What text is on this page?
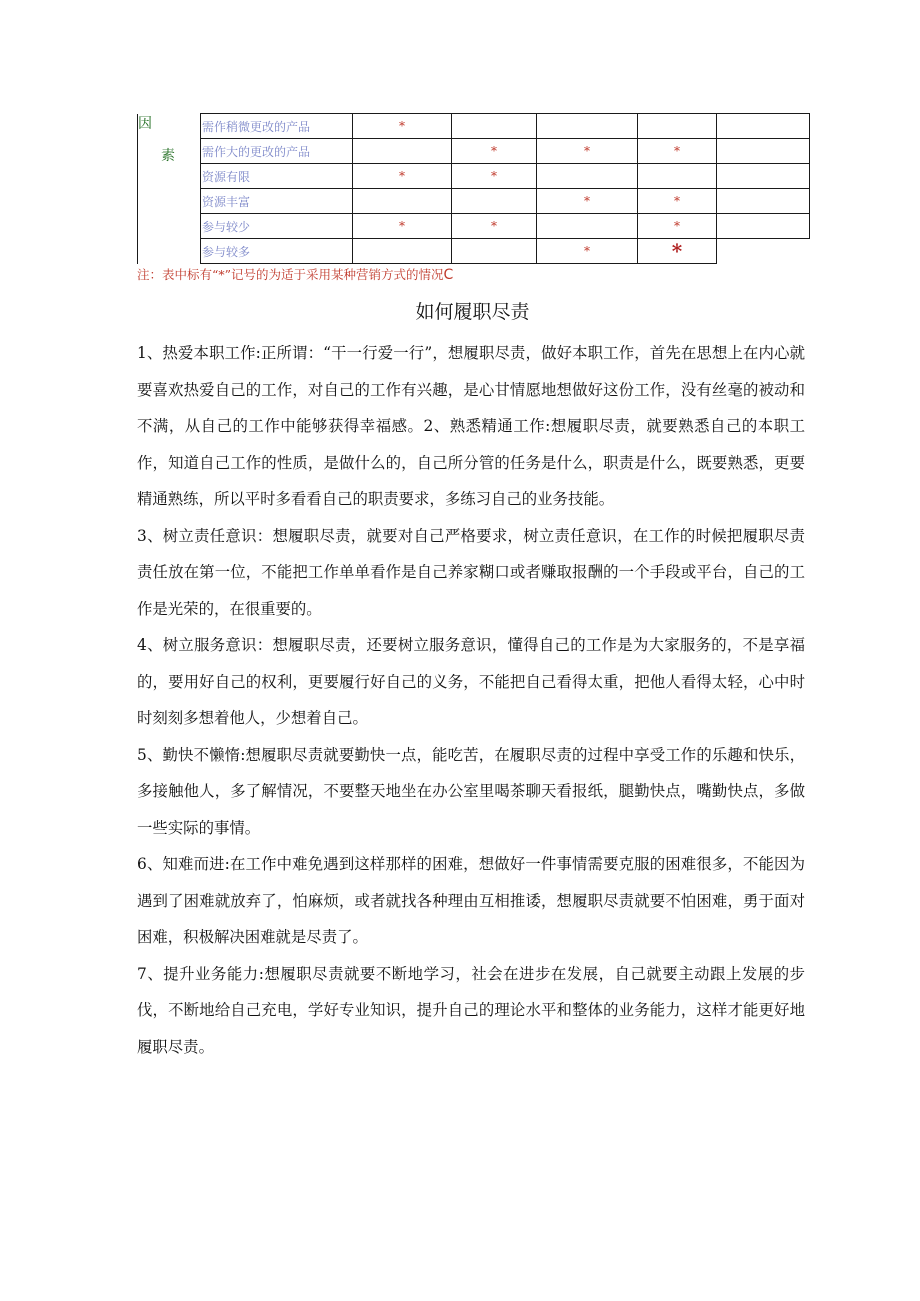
因
素	需作稍微更改的产品	*				
	需作大的更改的产品		*	*	*	
	资源有限	*	*			
	资源丰富			*	*	
	参与较少	*	*		*	
	参与较多			*	*	
注：表中标有“*”记号的为适于采用某种营销方式的情况C
如何履职尽责

1、热爱本职工作:正所谓：“干一行爱一行”，想履职尽责，做好本职工作，首先在思想上在内心就要喜欢热爱自己的工作，对自己的工作有兴趣，是心甘情愿地想做好这份工作，没有丝毫的被动和不满，从自己的工作中能够获得幸福感。2、熟悉精通工作:想履职尽责，就要熟悉自己的本职工作，知道自己工作的性质，是做什么的，自己所分管的任务是什么，职责是什么，既要熟悉，更要精通熟练，所以平时多看看自己的职责要求，多练习自己的业务技能。

3、树立责任意识：想履职尽责，就要对自己严格要求，树立责任意识，在工作的时候把履职尽责责任放在第一位，不能把工作单单看作是自己养家糊口或者赚取报酬的一个手段或平台，自己的工作是光荣的，在很重要的。

4、树立服务意识：想履职尽责，还要树立服务意识，懂得自己的工作是为大家服务的，不是享福的，要用好自己的权利，更要履行好自己的义务，不能把自己看得太重，把他人看得太轻，心中时时刻刻多想着他人，少想着自己。

5、勤快不懒惰:想履职尽责就要勤快一点，能吃苦，在履职尽责的过程中享受工作的乐趣和快乐，多接触他人，多了解情况，不要整天地坐在办公室里喝茶聊天看报纸，腿勤快点，嘴勤快点，多做一些实际的事情。

6、知难而进:在工作中难免遇到这样那样的困难，想做好一件事情需要克服的困难很多，不能因为遇到了困难就放弃了，怕麻烦，或者就找各种理由互相推诿，想履职尽责就要不怕困难，勇于面对困难，积极解决困难就是尽责了。

7、提升业务能力:想履职尽责就要不断地学习，社会在进步在发展，自己就要主动跟上发展的步伐，不断地给自己充电，学好专业知识，提升自己的理论水平和整体的业务能力，这样才能更好地履职尽责。
